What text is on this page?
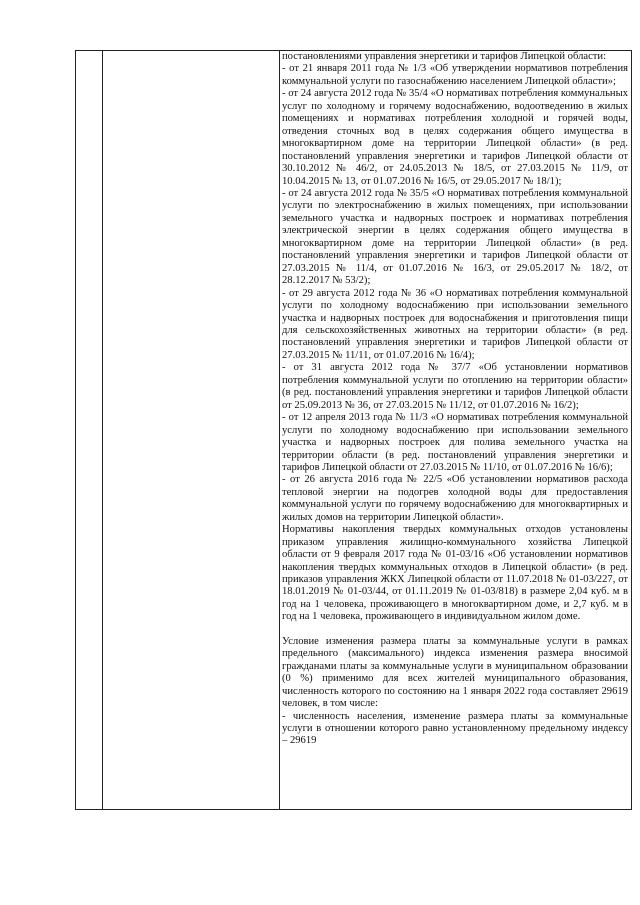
постановлениями управления энергетики и тарифов Липецкой области:

- от 21 января 2011 года № 1/3 «Об утверждении нормативов потребления коммунальной услуги по газоснабжению населением Липецкой области»;

- от 24 августа 2012 года № 35/4 «О нормативах потребления коммунальных услуг по холодному и горячему водоснабжению, водоотведению в жилых помещениях и нормативах потребления холодной и горячей воды, отведения сточных вод в целях содержания общего имущества в многоквартирном доме на территории Липецкой области» (в ред. постановлений управления энергетики и тарифов Липецкой области от 30.10.2012 № 46/2, от 24.05.2013 № 18/5, от 27.03.2015 № 11/9, от 10.04.2015 № 13, от 01.07.2016 № 16/5, от 29.05.2017 № 18/1);

- от 24 августа 2012 года № 35/5 «О нормативах потребления коммунальной услуги по электроснабжению в жилых помещениях, при использовании земельного участка и надворных построек и нормативах потребления электрической энергии в целях содержания общего имущества в многоквартирном доме на территории Липецкой области» (в ред. постановлений управления энергетики и тарифов Липецкой области от 27.03.2015 № 11/4, от 01.07.2016 № 16/3, от 29.05.2017 № 18/2, от 28.12.2017 № 53/2);

- от 29 августа 2012 года № 36 «О нормативах потребления коммунальной услуги по холодному водоснабжению при использовании земельного участка и надворных построек для водоснабжения и приготовления пищи для сельскохозяйственных животных на территории области» (в ред. постановлений управления энергетики и тарифов Липецкой области от 27.03.2015 № 11/11, от 01.07.2016 № 16/4);

- от 31 августа 2012 года № 37/7 «Об установлении нормативов потребления коммунальной услуги по отоплению на территории области» (в ред. постановлений управления энергетики и тарифов Липецкой области от 25.09.2013 № 36, от 27.03.2015 № 11/12, от 01.07.2016 № 16/2);

- от 12 апреля 2013 года № 11/3 «О нормативах потребления коммунальной услуги по холодному водоснабжению при использовании земельного участка и надворных построек для полива земельного участка на территории области (в ред. постановлений управления энергетики и тарифов Липецкой области от 27.03.2015 № 11/10, от 01.07.2016 № 16/6);

- от 26 августа 2016 года № 22/5 «Об установлении нормативов расхода тепловой энергии на подогрев холодной воды для предоставления коммунальной услуги по горячему водоснабжению для многоквартирных и жилых домов на территории Липецкой области».

Нормативы накопления твердых коммунальных отходов установлены приказом управления жилищно-коммунального хозяйства Липецкой области от 9 февраля 2017 года № 01-03/16 «Об установлении нормативов накопления твердых коммунальных отходов в Липецкой области» (в ред. приказов управления ЖКХ Липецкой области от 11.07.2018 № 01-03/227, от 18.01.2019 № 01-03/44, от 01.11.2019 № 01-03/818) в размере 2,04 куб. м в год на 1 человека, проживающего в многоквартирном доме, и 2,7 куб. м в год на 1 человека, проживающего в индивидуальном жилом доме.

Условие изменения размера платы за коммунальные услуги в рамках предельного (максимального) индекса изменения размера вносимой гражданами платы за коммунальные услуги в муниципальном образовании (0 %) применимо для всех жителей муниципального образования, численность которого по состоянию на 1 января 2022 года составляет 29619 человек, в том числе:

- численность населения, изменение размера платы за коммунальные услуги в отношении которого равно установленному предельному индексу – 29619
